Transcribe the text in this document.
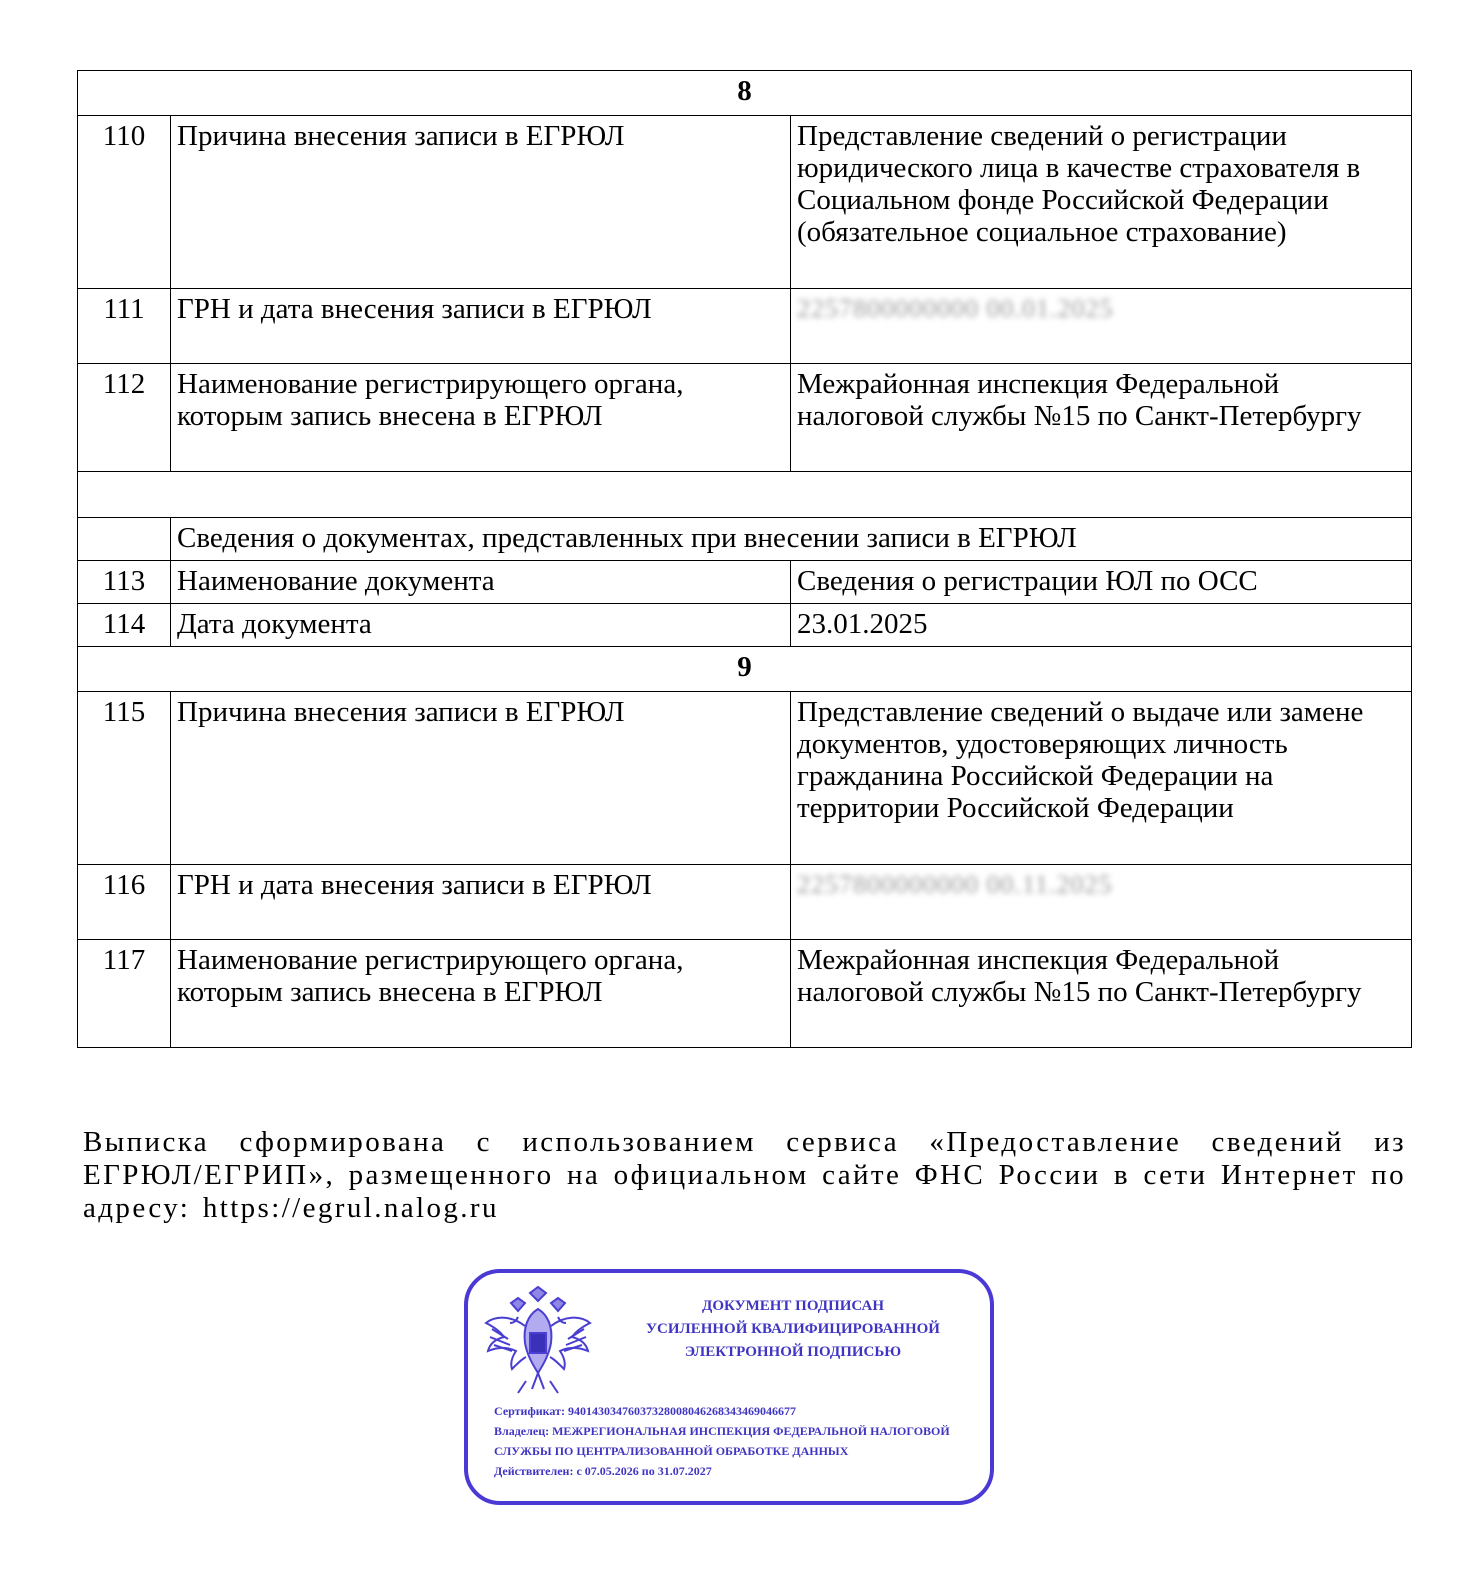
8		
110	Причина внесения записи в ЕГРЮЛ	Представление сведений о регистрации юридического лица в качестве страхователя в Социальном фонде Российской Федерации (обязательное социальное страхование)
111	ГРН и дата внесения записи в ЕГРЮЛ	2257800000000 00.01.2025

112	Наименование регистрирующего органа, которым запись внесена в ЕГРЮЛ	Межрайонная инспекция Федеральной налоговой службы №15 по Санкт-Петербургу

	Сведения о документах, представленных при внесении записи в ЕГРЮЛ	
113	Наименование документа	Сведения о регистрации ЮЛ по ОСС
114	Дата документа	23.01.2025
9		
115	Причина внесения записи в ЕГРЮЛ	Представление сведений о выдаче или замене документов, удостоверяющих личность гражданина Российской Федерации на территории Российской Федерации
116	ГРН и дата внесения записи в ЕГРЮЛ	2257800000000 00.11.2025

117	Наименование регистрирующего органа, которым запись внесена в ЕГРЮЛ	Межрайонная инспекция Федеральной налоговой службы №15 по Санкт-Петербургу
Выписка сформирована с использованием сервиса «Предоставление сведений из ЕГРЮЛ/ЕГРИП», размещенного на официальном сайте ФНС России в сети Интернет по адресу: https://egrul.nalog.ru
ДОКУМЕНТ ПОДПИСАН
УСИЛЕННОЙ КВАЛИФИЦИРОВАННОЙ
ЭЛЕКТРОННОЙ ПОДПИСЬЮ
Сертификат: 9401430347603732800804626834346904667​7
Владелец: МЕЖРЕГИОНАЛЬНАЯ ИНСПЕКЦИЯ ФЕДЕРАЛЬНОЙ НАЛОГОВОЙ СЛУЖБЫ ПО ЦЕНТРАЛИЗОВАННОЙ ОБРАБОТКЕ ДАННЫХ
Действителен: с 07.05.2026 по 31.07.2027
